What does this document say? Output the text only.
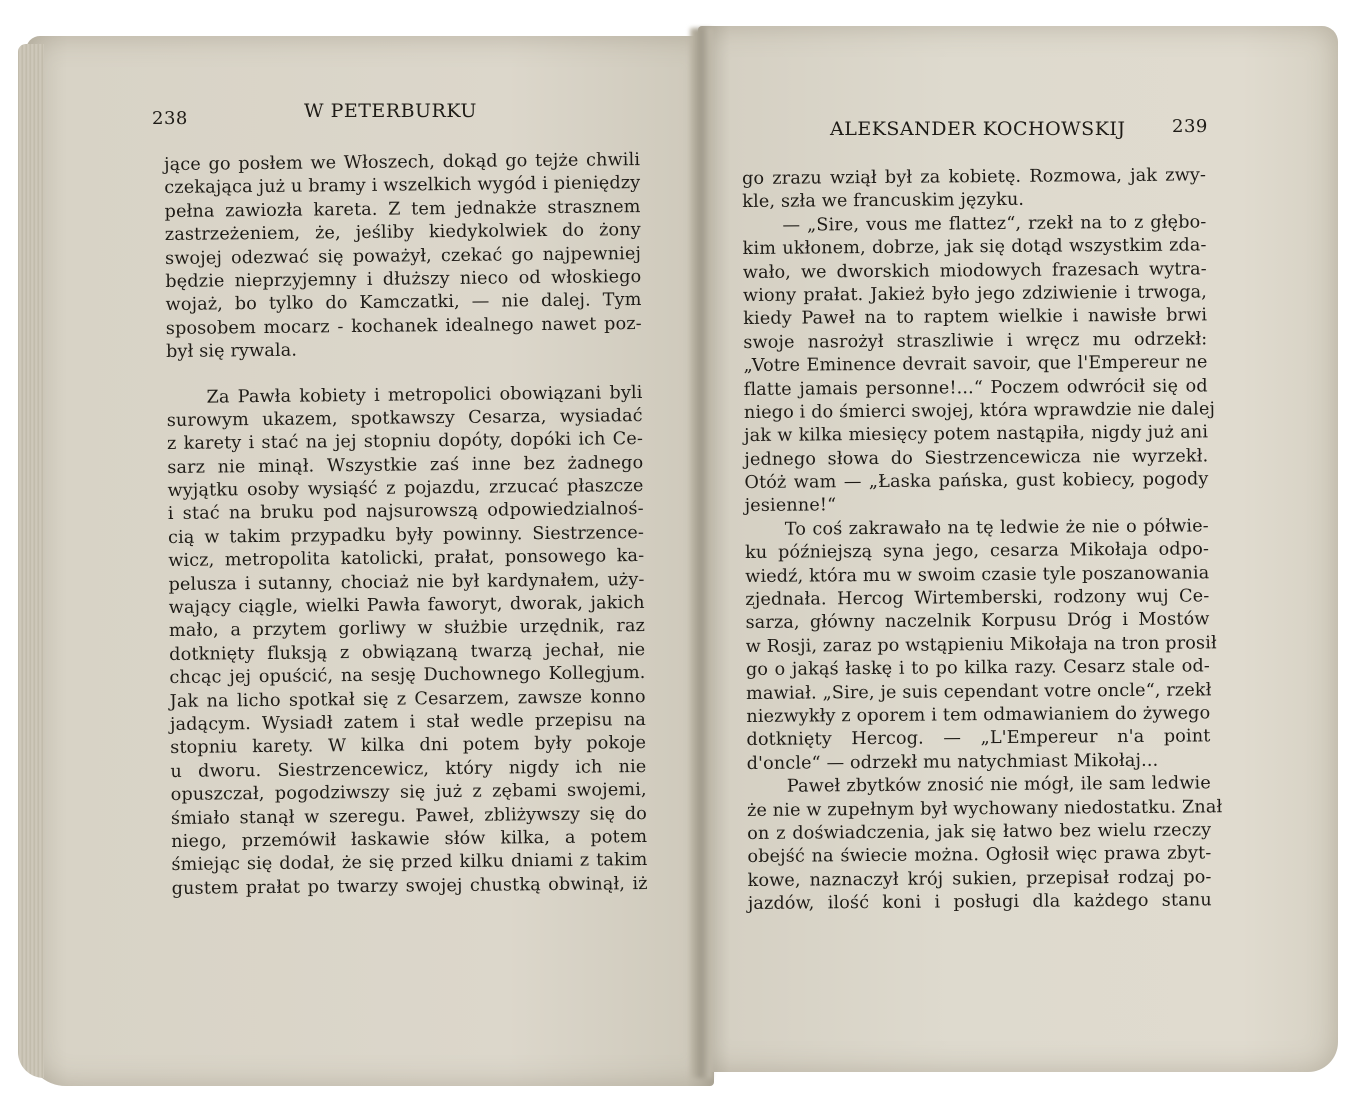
238	W PETERBURKU
ALEKSANDER KOCHOWSKIJ	239
jące go posłem we Włoszech, dokąd go tejże chwili
czekająca już u bramy i wszelkich wygód i pieniędzy
pełna zawiozła kareta. Z tem jednakże strasznem
zastrzeżeniem, że, jeśliby kiedykolwiek do żony
swojej odezwać się poważył, czekać go najpewniej
będzie nieprzyjemny i dłuższy nieco od włoskiego
wojaż, bo tylko do Kamczatki, — nie dalej. Tym
sposobem mocarz - kochanek idealnego nawet poz-
był się rywala.
Za Pawła kobiety i metropolici obowiązani byli
surowym ukazem, spotkawszy Cesarza, wysiadać
z karety i stać na jej stopniu dopóty, dopóki ich Ce-
sarz nie minął. Wszystkie zaś inne bez żadnego
wyjątku osoby wysiąść z pojazdu, zrzucać płaszcze
i stać na bruku pod najsurowszą odpowiedzialnoś-
cią w takim przypadku były powinny. Siestrzence-
wicz, metropolita katolicki, prałat, ponsowego ka-
pelusza i sutanny, chociaż nie był kardynałem, uży-
wający ciągle, wielki Pawła faworyt, dworak, jakich
mało, a przytem gorliwy w służbie urzędnik, raz
dotknięty fluksją z obwiązaną twarzą jechał, nie
chcąc jej opuścić, na sesję Duchownego Kollegjum.
Jak na licho spotkał się z Cesarzem, zawsze konno
jadącym. Wysiadł zatem i stał wedle przepisu na
stopniu karety. W kilka dni potem były pokoje
u dworu. Siestrzencewicz, który nigdy ich nie
opuszczał, pogodziwszy się już z zębami swojemi,
śmiało stanął w szeregu. Paweł, zbliżywszy się do
niego, przemówił łaskawie słów kilka, a potem
śmiejąc się dodał, że się przed kilku dniami z takim
gustem prałat po twarzy swojej chustką obwinął, iż
go zrazu wziął był za kobietę. Rozmowa, jak zwy-
kle, szła we francuskim języku.
— „Sire, vous me flattez“, rzekł na to z głębo-
kim ukłonem, dobrze, jak się dotąd wszystkim zda-
wało, we dworskich miodowych frazesach wytra-
wiony prałat. Jakież było jego zdziwienie i trwoga,
kiedy Paweł na to raptem wielkie i nawisłe brwi
swoje nasrożył straszliwie i wręcz mu odrzekł:
„Votre Eminence devrait savoir, que l'Empereur ne
flatte jamais personne!...“ Poczem odwrócił się od
niego i do śmierci swojej, która wprawdzie nie dalej
jak w kilka miesięcy potem nastąpiła, nigdy już ani
jednego słowa do Siestrzencewicza nie wyrzekł.
Otóż wam — „Łaska pańska, gust kobiecy, pogody
jesienne!“
To coś zakrawało na tę ledwie że nie o półwie-
ku późniejszą syna jego, cesarza Mikołaja odpo-
wiedź, która mu w swoim czasie tyle poszanowania
zjednała. Hercog Wirtemberski, rodzony wuj Ce-
sarza, główny naczelnik Korpusu Dróg i Mostów
w Rosji, zaraz po wstąpieniu Mikołaja na tron prosił
go o jakąś łaskę i to po kilka razy. Cesarz stale od-
mawiał. „Sire, je suis cependant votre oncle“, rzekł
niezwykły z oporem i tem odmawianiem do żywego
dotknięty Hercog. — „L'Empereur n'a point
d'oncle“ — odrzekł mu natychmiast Mikołaj...
Paweł zbytków znosić nie mógł, ile sam ledwie
że nie w zupełnym był wychowany niedostatku. Znał
on z doświadczenia, jak się łatwo bez wielu rzeczy
obejść na świecie można. Ogłosił więc prawa zbyt-
kowe, naznaczył krój sukien, przepisał rodzaj po-
jazdów, ilość koni i posługi dla każdego stanu
